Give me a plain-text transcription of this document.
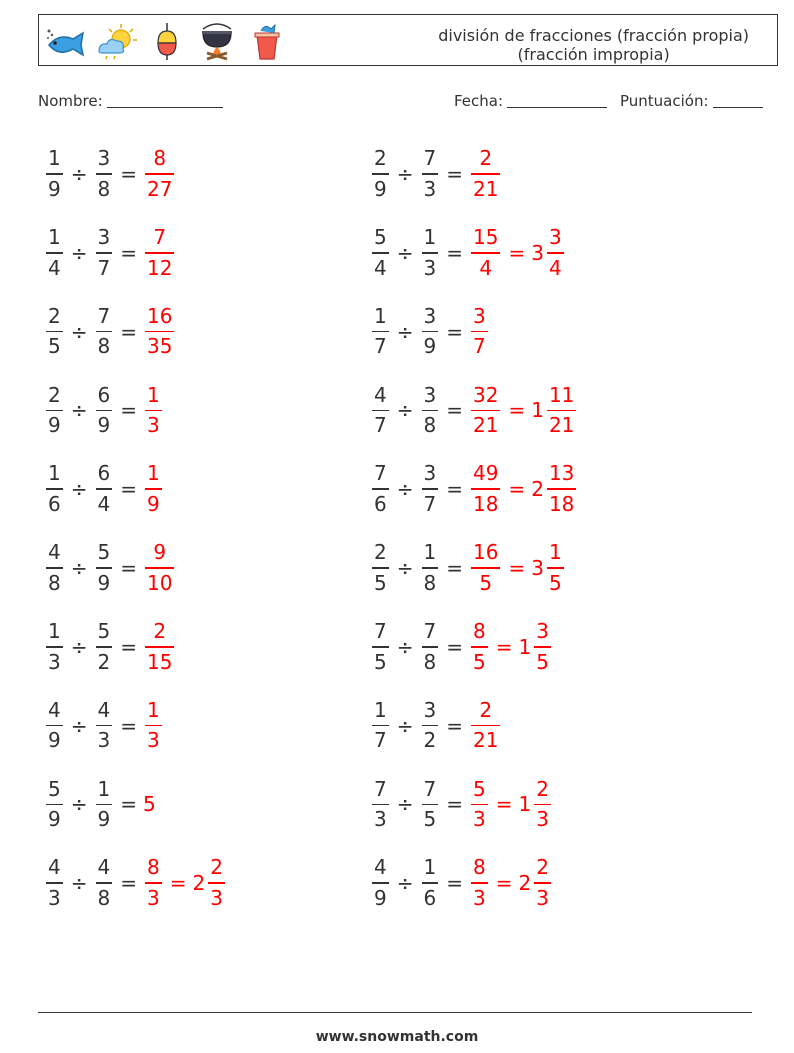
división de fracciones (fracción propia)
(fracción impropia)
Nombre:	Fecha:	Puntuación:
$\frac{1}{9} \div \frac{3}{8} = \frac{8}{27}$	$\frac{2}{9} \div \frac{7}{3} = \frac{2}{21}$
$\frac{1}{4} \div \frac{3}{7} = \frac{7}{12}$	$\frac{5}{4} \div \frac{1}{3} = \frac{15}{4} = 3 \frac{3}{4}$
$\frac{2}{5} \div \frac{7}{8} = \frac{16}{35}$	$\frac{1}{7} \div \frac{3}{9} = \frac{3}{7}$
$\frac{2}{9} \div \frac{6}{9} = \frac{1}{3}$	$\frac{4}{7} \div \frac{3}{8} = \frac{32}{21} = 1 \frac{11}{21}$
$\frac{1}{6} \div \frac{6}{4} = \frac{1}{9}$	$\frac{7}{6} \div \frac{3}{7} = \frac{49}{18} = 2 \frac{13}{18}$
$\frac{4}{8} \div \frac{5}{9} = \frac{9}{10}$	$\frac{2}{5} \div \frac{1}{8} = \frac{16}{5} = 3 \frac{1}{5}$
$\frac{1}{3} \div \frac{5}{2} = \frac{2}{15}$	$\frac{7}{5} \div \frac{7}{8} = \frac{8}{5} = 1 \frac{3}{5}$
$\frac{4}{9} \div \frac{4}{3} = \frac{1}{3}$	$\frac{1}{7} \div \frac{3}{2} = \frac{2}{21}$
$\frac{5}{9} \div \frac{1}{9} = 5$	$\frac{7}{3} \div \frac{7}{5} = \frac{5}{3} = 1 \frac{2}{3}$
$\frac{4}{3} \div \frac{4}{8} = \frac{8}{3} = 2 \frac{2}{3}$	$\frac{4}{9} \div \frac{1}{6} = \frac{8}{3} = 2 \frac{2}{3}$
www.snowmath.com
